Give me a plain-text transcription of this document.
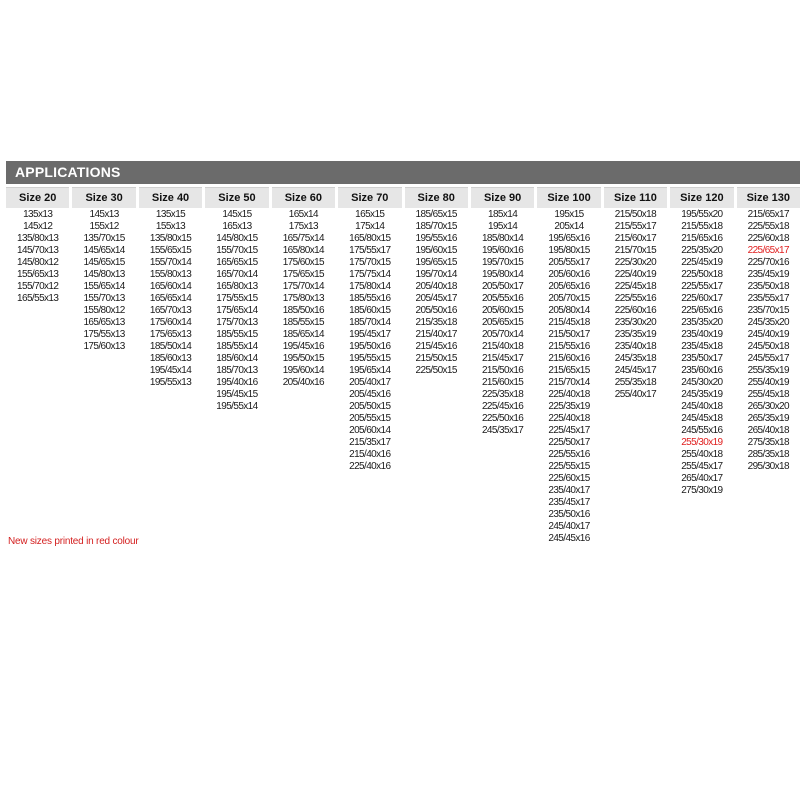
APPLICATIONS
Size 20
135x13
145x12
135/80x13
145/70x13
145/80x12
155/65x13
155/70x12
165/55x13
Size 30
145x13
155x12
135/70x15
145/65x14
145/65x15
145/80x13
155/65x14
155/70x13
155/80x12
165/65x13
175/55x13
175/60x13
Size 40
135x15
155x13
135/80x15
155/65x15
155/70x14
155/80x13
165/60x14
165/65x14
165/70x13
175/60x14
175/65x13
185/50x14
185/60x13
195/45x14
195/55x13
Size 50
145x15
165x13
145/80x15
155/70x15
165/65x15
165/70x14
165/80x13
175/55x15
175/65x14
175/70x13
185/55x15
185/55x14
185/60x14
185/70x13
195/40x16
195/45x15
195/55x14
Size 60
165x14
175x13
165/75x14
165/80x14
175/60x15
175/65x15
175/70x14
175/80x13
185/50x16
185/55x15
185/65x14
195/45x16
195/50x15
195/60x14
205/40x16
Size 70
165x15
175x14
165/80x15
175/55x17
175/70x15
175/75x14
175/80x14
185/55x16
185/60x15
185/70x14
195/45x17
195/50x16
195/55x15
195/65x14
205/40x17
205/45x16
205/50x15
205/55x15
205/60x14
215/35x17
215/40x16
225/40x16
Size 80
185/65x15
185/70x15
195/55x16
195/60x15
195/65x15
195/70x14
205/40x18
205/45x17
205/50x16
215/35x18
215/40x17
215/45x16
215/50x15
225/50x15
Size 90
185x14
195x14
185/80x14
195/60x16
195/70x15
195/80x14
205/50x17
205/55x16
205/60x15
205/65x15
205/70x14
215/40x18
215/45x17
215/50x16
215/60x15
225/35x18
225/45x16
225/50x16
245/35x17
Size 100
195x15
205x14
195/65x16
195/80x15
205/55x17
205/60x16
205/65x16
205/70x15
205/80x14
215/45x18
215/50x17
215/55x16
215/60x16
215/65x15
215/70x14
225/40x18
225/35x19
225/40x18
225/45x17
225/50x17
225/55x16
225/55x15
225/60x15
235/40x17
235/45x17
235/50x16
245/40x17
245/45x16
Size 110
215/50x18
215/55x17
215/60x17
215/70x15
225/30x20
225/40x19
225/45x18
225/55x16
225/60x16
235/30x20
235/35x19
235/40x18
245/35x18
245/45x17
255/35x18
255/40x17
Size 120
195/55x20
215/55x18
215/65x16
225/35x20
225/45x19
225/50x18
225/55x17
225/60x17
225/65x16
235/35x20
235/40x19
235/45x18
235/50x17
235/60x16
245/30x20
245/35x19
245/40x18
245/45x18
245/55x16
255/30x19
255/40x18
255/45x17
265/40x17
275/30x19
Size 130
215/65x17
225/55x18
225/60x18
225/65x17
225/70x16
235/45x19
235/50x18
235/55x17
235/70x15
245/35x20
245/40x19
245/50x18
245/55x17
255/35x19
255/40x19
255/45x18
265/30x20
265/35x19
265/40x18
275/35x18
285/35x18
295/30x18
New sizes printed in red colour
